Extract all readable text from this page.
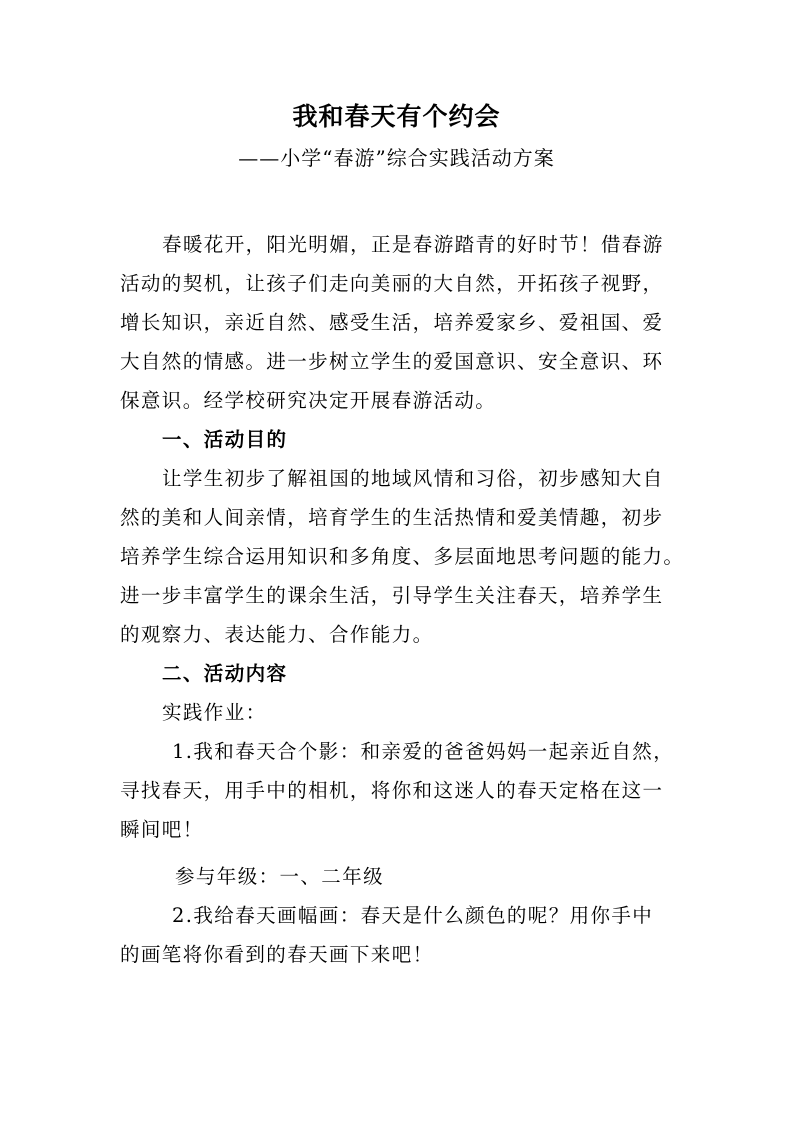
我和春天有个约会
——小学“春游”综合实践活动方案
春暖花开，阳光明媚，正是春游踏青的好时节！借春游
活动的契机，让孩子们走向美丽的大自然，开拓孩子视野，
增长知识，亲近自然、感受生活，培养爱家乡、爱祖国、爱
大自然的情感。进一步树立学生的爱国意识、安全意识、环
保意识。经学校研究决定开展春游活动。
一、活动目的
让学生初步了解祖国的地域风情和习俗，初步感知大自
然的美和人间亲情，培育学生的生活热情和爱美情趣，初步
培养学生综合运用知识和多角度、多层面地思考问题的能力。
进一步丰富学生的课余生活，引导学生关注春天，培养学生
的观察力、表达能力、合作能力。
二、活动内容
实践作业：
1.我和春天合个影：和亲爱的爸爸妈妈一起亲近自然，
寻找春天，用手中的相机，将你和这迷人的春天定格在这一
瞬间吧！
参与年级：一、二年级
2.我给春天画幅画：春天是什么颜色的呢？用你手中
的画笔将你看到的春天画下来吧！
